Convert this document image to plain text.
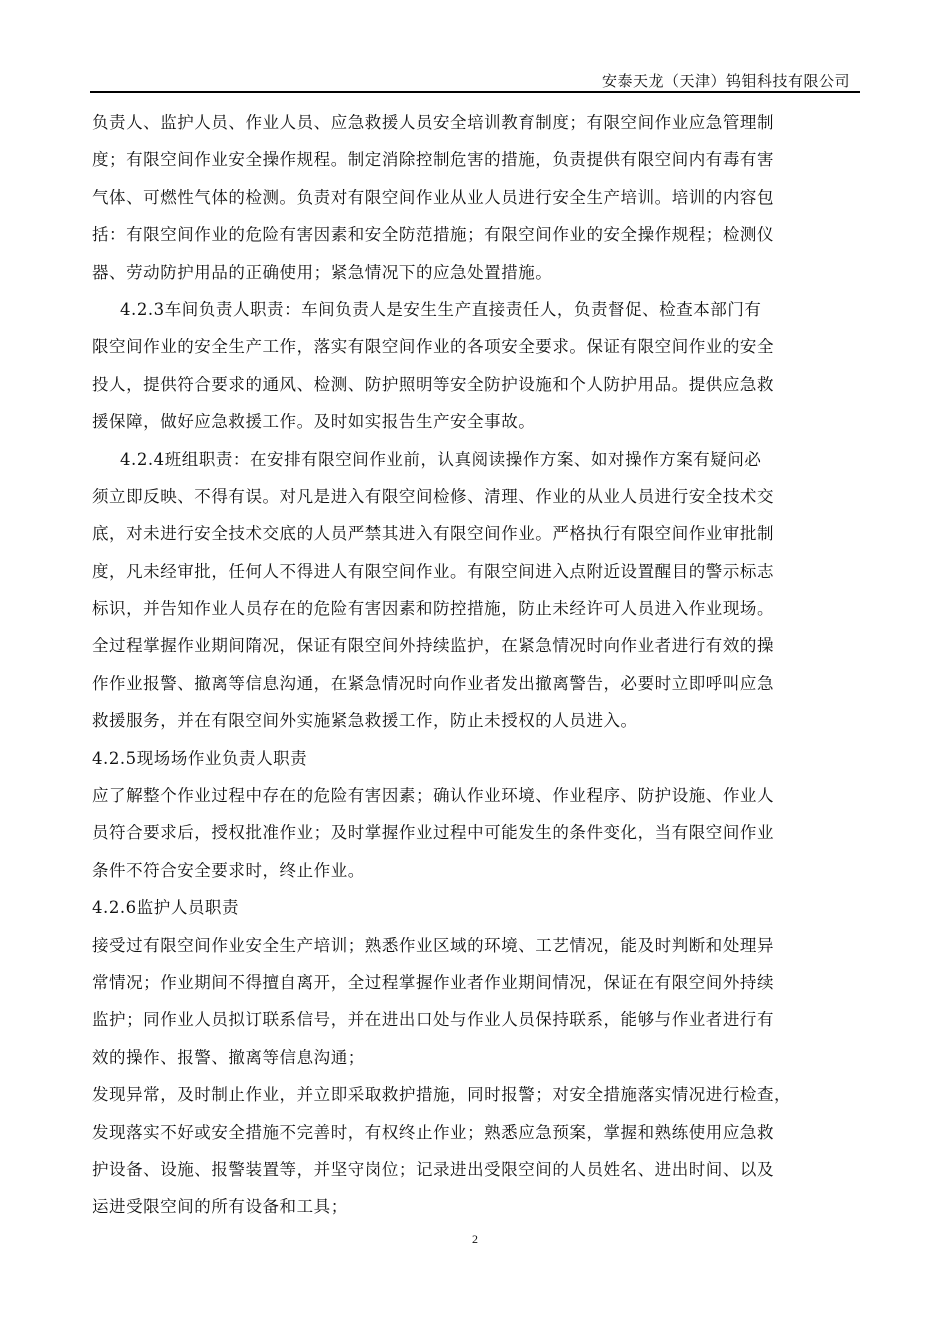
安泰天龙（天津）钨钼科技有限公司
负责人、监护人员、作业人员、应急救援人员安全培训教育制度；有限空间作业应急管理制
度；有限空间作业安全操作规程。制定消除控制危害的措施，负责提供有限空间内有毒有害
气体、可燃性气体的检测。负责对有限空间作业从业人员进行安全生产培训。培训的内容包
括：有限空间作业的危险有害因素和安全防范措施；有限空间作业的安全操作规程；检测仪
器、劳动防护用品的正确使用；紧急情况下的应急处置措施。
4.2.3车间负责人职责：车间负责人是安生生产直接责任人，负责督促、检查本部门有
限空间作业的安全生产工作，落实有限空间作业的各项安全要求。保证有限空间作业的安全
投人，提供符合要求的通风、检测、防护照明等安全防护设施和个人防护用品。提供应急救
援保障，做好应急救援工作。及时如实报告生产安全事故。
4.2.4班组职责：在安排有限空间作业前，认真阅读操作方案、如对操作方案有疑问必
须立即反映、不得有误。对凡是进入有限空间检修、清理、作业的从业人员进行安全技术交
底，对未进行安全技术交底的人员严禁其进入有限空间作业。严格执行有限空间作业审批制
度，凡未经审批，任何人不得进人有限空间作业。有限空间进入点附近设置醒目的警示标志
标识，并告知作业人员存在的危险有害因素和防控措施，防止未经许可人员进入作业现场。
全过程掌握作业期间隋况，保证有限空间外持续监护，在紧急情况时向作业者进行有效的操
作作业报警、撤离等信息沟通，在紧急情况时向作业者发出撤离警告，必要时立即呼叫应急
救援服务，并在有限空间外实施紧急救援工作，防止未授权的人员进入。
4.2.5现场场作业负责人职责
应了解整个作业过程中存在的危险有害因素；确认作业环境、作业程序、防护设施、作业人
员符合要求后，授权批准作业；及时掌握作业过程中可能发生的条件变化，当有限空间作业
条件不符合安全要求时，终止作业。
4.2.6监护人员职责
接受过有限空间作业安全生产培训；熟悉作业区域的环境、工艺情况，能及时判断和处理异
常情况；作业期间不得擅自离开，全过程掌握作业者作业期间情况，保证在有限空间外持续
监护；同作业人员拟订联系信号，并在进出口处与作业人员保持联系，能够与作业者进行有
效的操作、报警、撤离等信息沟通；
发现异常，及时制止作业，并立即采取救护措施，同时报警；对安全措施落实情况进行检查，
发现落实不好或安全措施不完善时，有权终止作业；熟悉应急预案，掌握和熟练使用应急救
护设备、设施、报警装置等，并坚守岗位；记录进出受限空间的人员姓名、进出时间、以及
运进受限空间的所有设备和工具；
2
